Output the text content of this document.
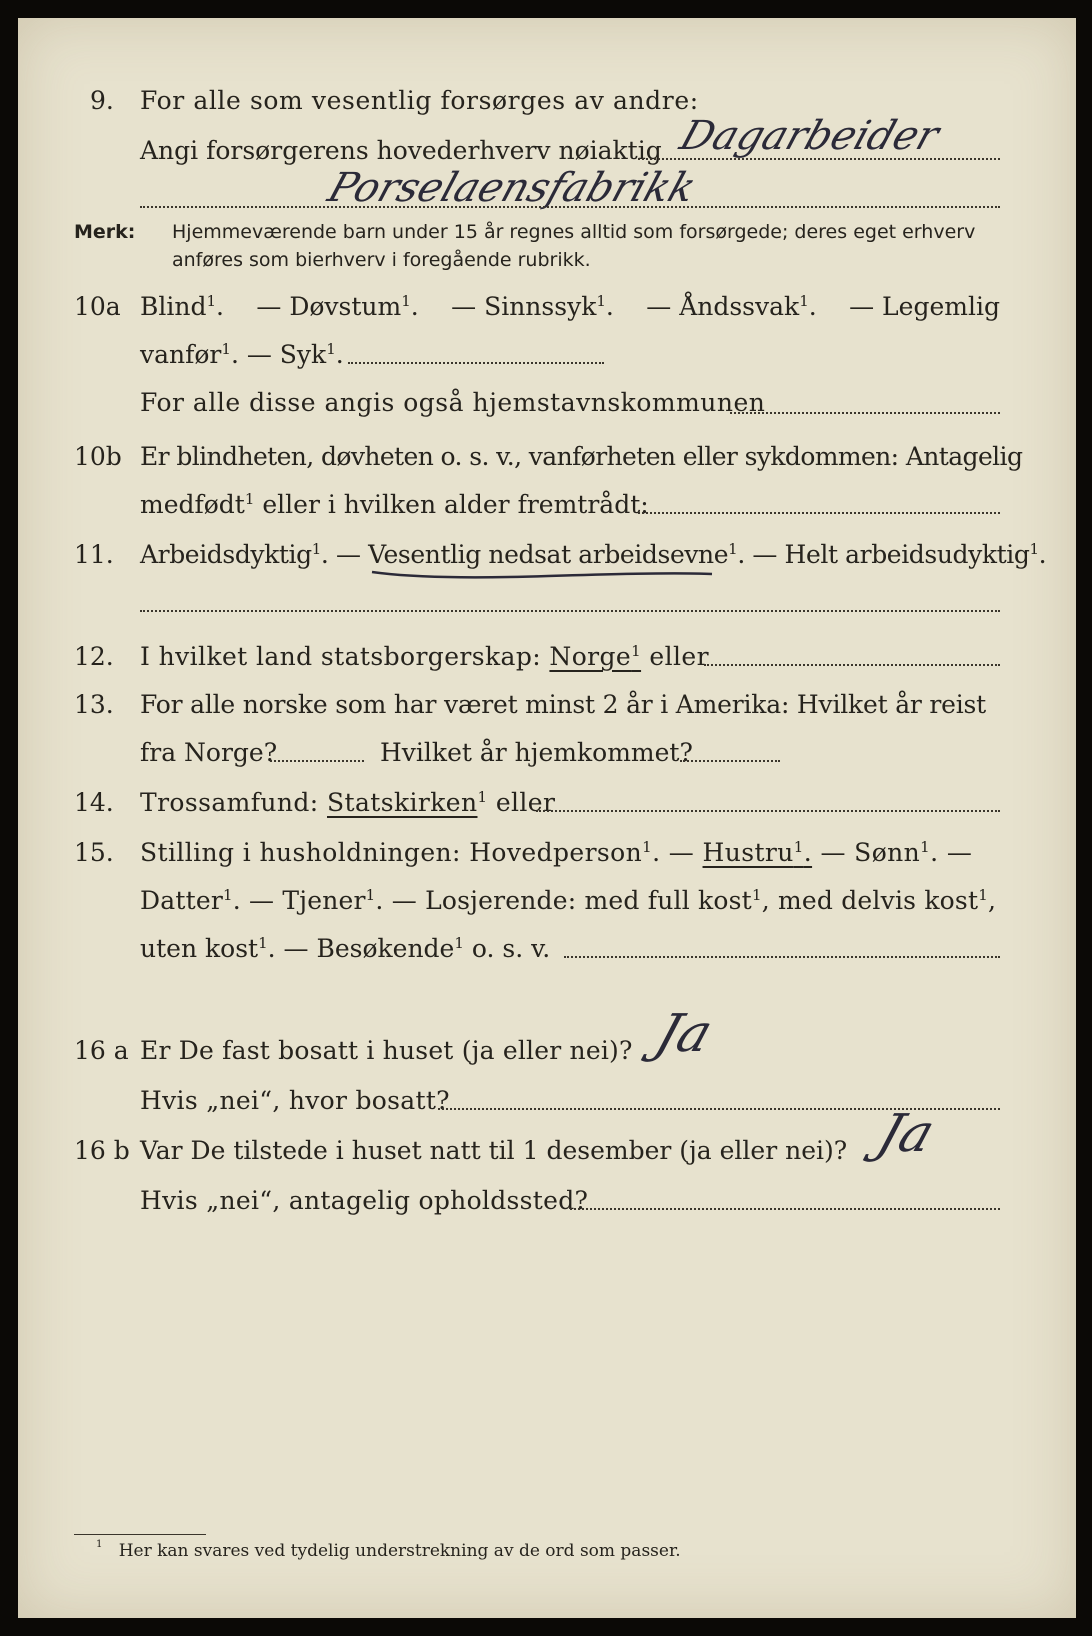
9. For alle som vesentlig forsørges av andre:
Angi forsørgerens hovederhverv nøiaktig Dagarbeider
Porselaensfabrikk
Merk: Hjemmeværende barn under 15 år regnes alltid som forsørgede; deres eget erhverv
anføres som bierhverv i foregående rubrikk.
10a Blind$^1$. — Døvstum$^1$. — Sinnssyk$^1$. — Åndssvak$^1$. — Legemlig
vanfør$^1$. — Syk$^1$.
For alle disse angis også hjemstavnskommunen
10b Er blindheten, døvheten o. s. v., vanførheten eller sykdommen: Antagelig
medfødt$^1$ eller i hvilken alder fremtrådt:
11. Arbeidsdyktig$^1$. — Vesentlig nedsat arbeidsevne$^1$. — Helt arbeidsudyktig$^1$.
12. I hvilket land statsborgerskap: Norge$^1$ eller
13. For alle norske som har været minst 2 år i Amerika: Hvilket år reist
fra Norge?	Hvilket år hjemkommet?
14. Trossamfund: Statskirken$^1$ eller
15. Stilling i husholdningen: Hovedperson$^1$. — Hustru$^1$. — Sønn$^1$. —
Datter$^1$. — Tjener$^1$. — Losjerende: med full kost$^1$, med delvis kost$^1$,
uten kost$^1$. — Besøkende$^1$ o. s. v.
16 a Er De fast bosatt i huset (ja eller nei)? Ja
Hvis „nei“, hvor bosatt?
16 b Var De tilstede i huset natt til 1 desember (ja eller nei)? Ja
Hvis „nei“, antagelig opholdssted?
$^1$ Her kan svares ved tydelig understrekning av de ord som passer.
